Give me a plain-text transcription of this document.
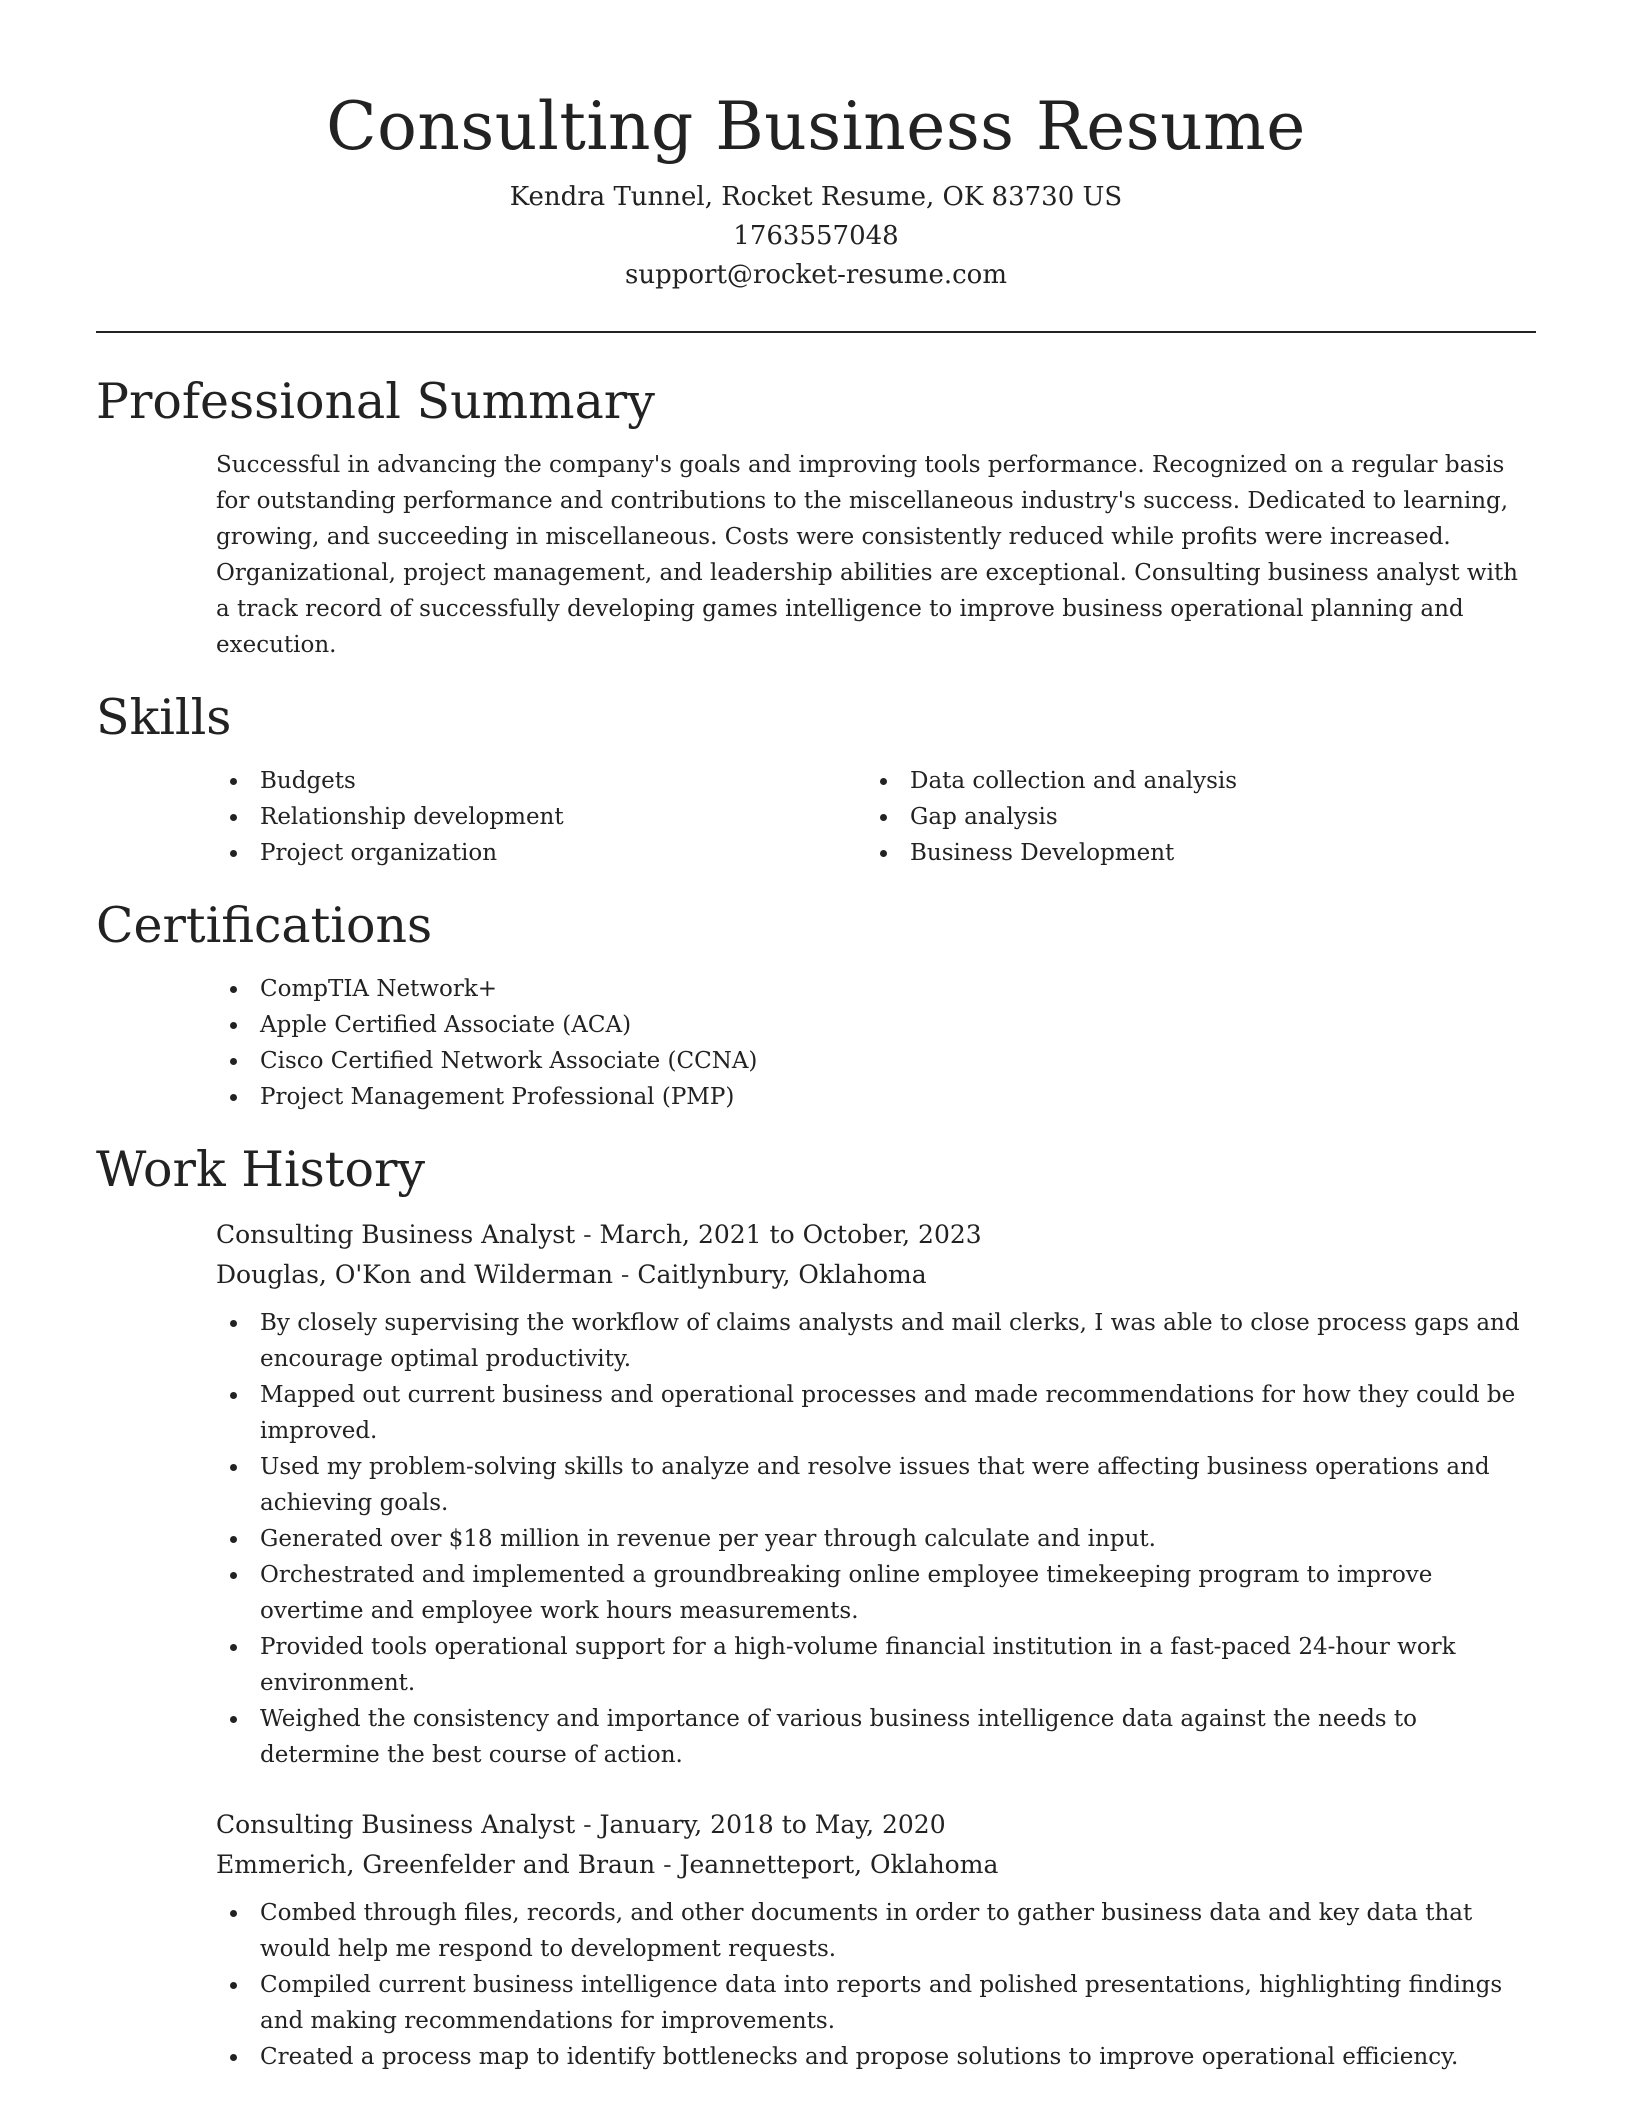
Consulting Business Resume
Kendra Tunnel, Rocket Resume, OK 83730 US
1763557048
support@rocket-resume.com
Professional Summary
Successful in advancing the company's goals and improving tools performance. Recognized on a regular basis for outstanding performance and contributions to the miscellaneous industry's success. Dedicated to learning, growing, and succeeding in miscellaneous. Costs were consistently reduced while profits were increased. Organizational, project management, and leadership abilities are exceptional. Consulting business analyst with a track record of successfully developing games intelligence to improve business operational planning and execution.
Skills
Budgets
Relationship development
Project organization
Data collection and analysis
Gap analysis
Business Development
Certifications
CompTIA Network+
Apple Certified Associate (ACA)
Cisco Certified Network Associate (CCNA)
Project Management Professional (PMP)
Work History
Consulting Business Analyst - March, 2021 to October, 2023
Douglas, O'Kon and Wilderman - Caitlynbury, Oklahoma
By closely supervising the workflow of claims analysts and mail clerks, I was able to close process gaps and encourage optimal productivity.
Mapped out current business and operational processes and made recommendations for how they could be improved.
Used my problem-solving skills to analyze and resolve issues that were affecting business operations and achieving goals.
Generated over $18 million in revenue per year through calculate and input.
Orchestrated and implemented a groundbreaking online employee timekeeping program to improve overtime and employee work hours measurements.
Provided tools operational support for a high-volume financial institution in a fast-paced 24-hour work environment.
Weighed the consistency and importance of various business intelligence data against the needs to determine the best course of action.
Consulting Business Analyst - January, 2018 to May, 2020
Emmerich, Greenfelder and Braun - Jeannetteport, Oklahoma
Combed through files, records, and other documents in order to gather business data and key data that would help me respond to development requests.
Compiled current business intelligence data into reports and polished presentations, highlighting findings and making recommendations for improvements.
Created a process map to identify bottlenecks and propose solutions to improve operational efficiency.
